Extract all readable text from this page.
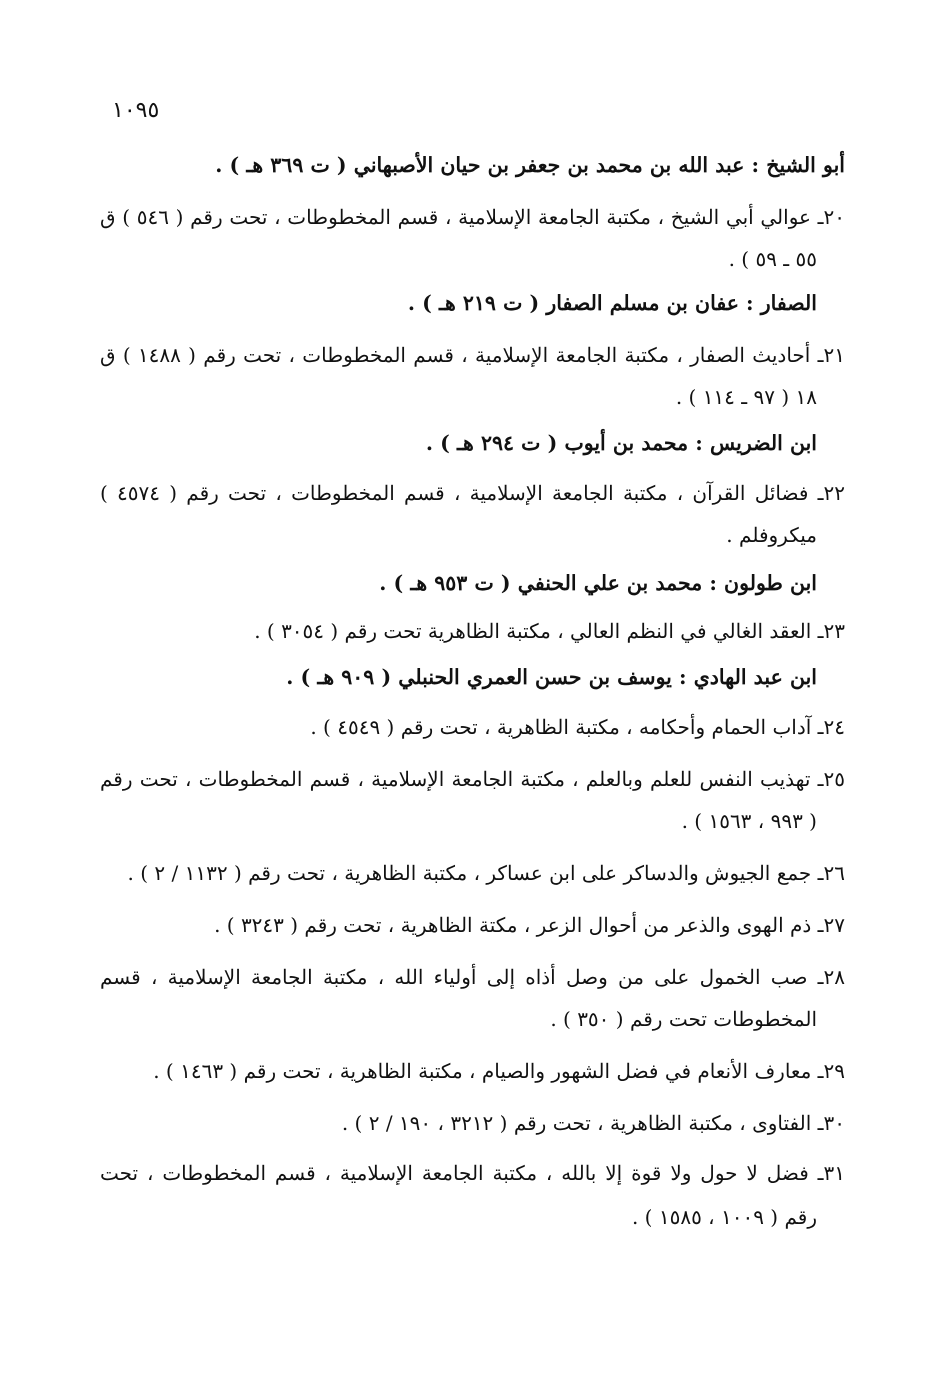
١٠٩٥
أبو الشيخ : عبد الله بن محمد بن جعفر بن حيان الأصبهاني ( ت ٣٦٩ هـ ) .
٢٠ـ عوالي أبي الشيخ ، مكتبة الجامعة الإسلامية ، قسم المخطوطات ، تحت رقم ( ٥٤٦ ) ق
٥٥ ـ ٥٩ ) .
الصفار : عفان بن مسلم الصفار ( ت ٢١٩ هـ ) .
٢١ـ أحاديث الصفار ، مكتبة الجامعة الإسلامية ، قسم المخطوطات ، تحت رقم ( ١٤٨٨ ) ق
١٨ ( ٩٧ ـ ١١٤ ) .
ابن الضريس : محمد بن أيوب ( ت ٢٩٤ هـ ) .
٢٢ـ فضائل القرآن ، مكتبة الجامعة الإسلامية ، قسم المخطوطات ، تحت رقم ( ٤٥٧٤ )
ميكروفلم .
ابن طولون : محمد بن علي الحنفي ( ت ٩٥٣ هـ ) .
٢٣ـ العقد الغالي في النظم العالي ، مكتبة الظاهرية تحت رقم ( ٣٠٥٤ ) .
ابن عبد الهادي : يوسف بن حسن العمري الحنبلي ( ٩٠٩ هـ ) .
٢٤ـ آداب الحمام وأحكامه ، مكتبة الظاهرية ، تحت رقم ( ٤٥٤٩ ) .
٢٥ـ تهذيب النفس للعلم وبالعلم ، مكتبة الجامعة الإسلامية ، قسم المخطوطات ، تحت رقم
( ٩٩٣ ، ١٥٦٣ ) .
٢٦ـ جمع الجيوش والدساكر على ابن عساكر ، مكتبة الظاهرية ، تحت رقم ( ١١٣٢ / ٢ ) .
٢٧ـ ذم الهوى والذعر من أحوال الزعر ، مكتة الظاهرية ، تحت رقم ( ٣٢٤٣ ) .
٢٨ـ صب الخمول على من وصل أذاه إلى أولياء الله ، مكتبة الجامعة الإسلامية ، قسم
المخطوطات تحت رقم ( ٣٥٠ ) .
٢٩ـ معارف الأنعام في فضل الشهور والصيام ، مكتبة الظاهرية ، تحت رقم ( ١٤٦٣ ) .
٣٠ـ الفتاوى ، مكتبة الظاهرية ، تحت رقم ( ٣٢١٢ ، ١٩٠ / ٢ ) .
٣١ـ فضل لا حول ولا قوة إلا بالله ، مكتبة الجامعة الإسلامية ، قسم المخطوطات ، تحت
رقم ( ١٠٠٩ ، ١٥٨٥ ) .
